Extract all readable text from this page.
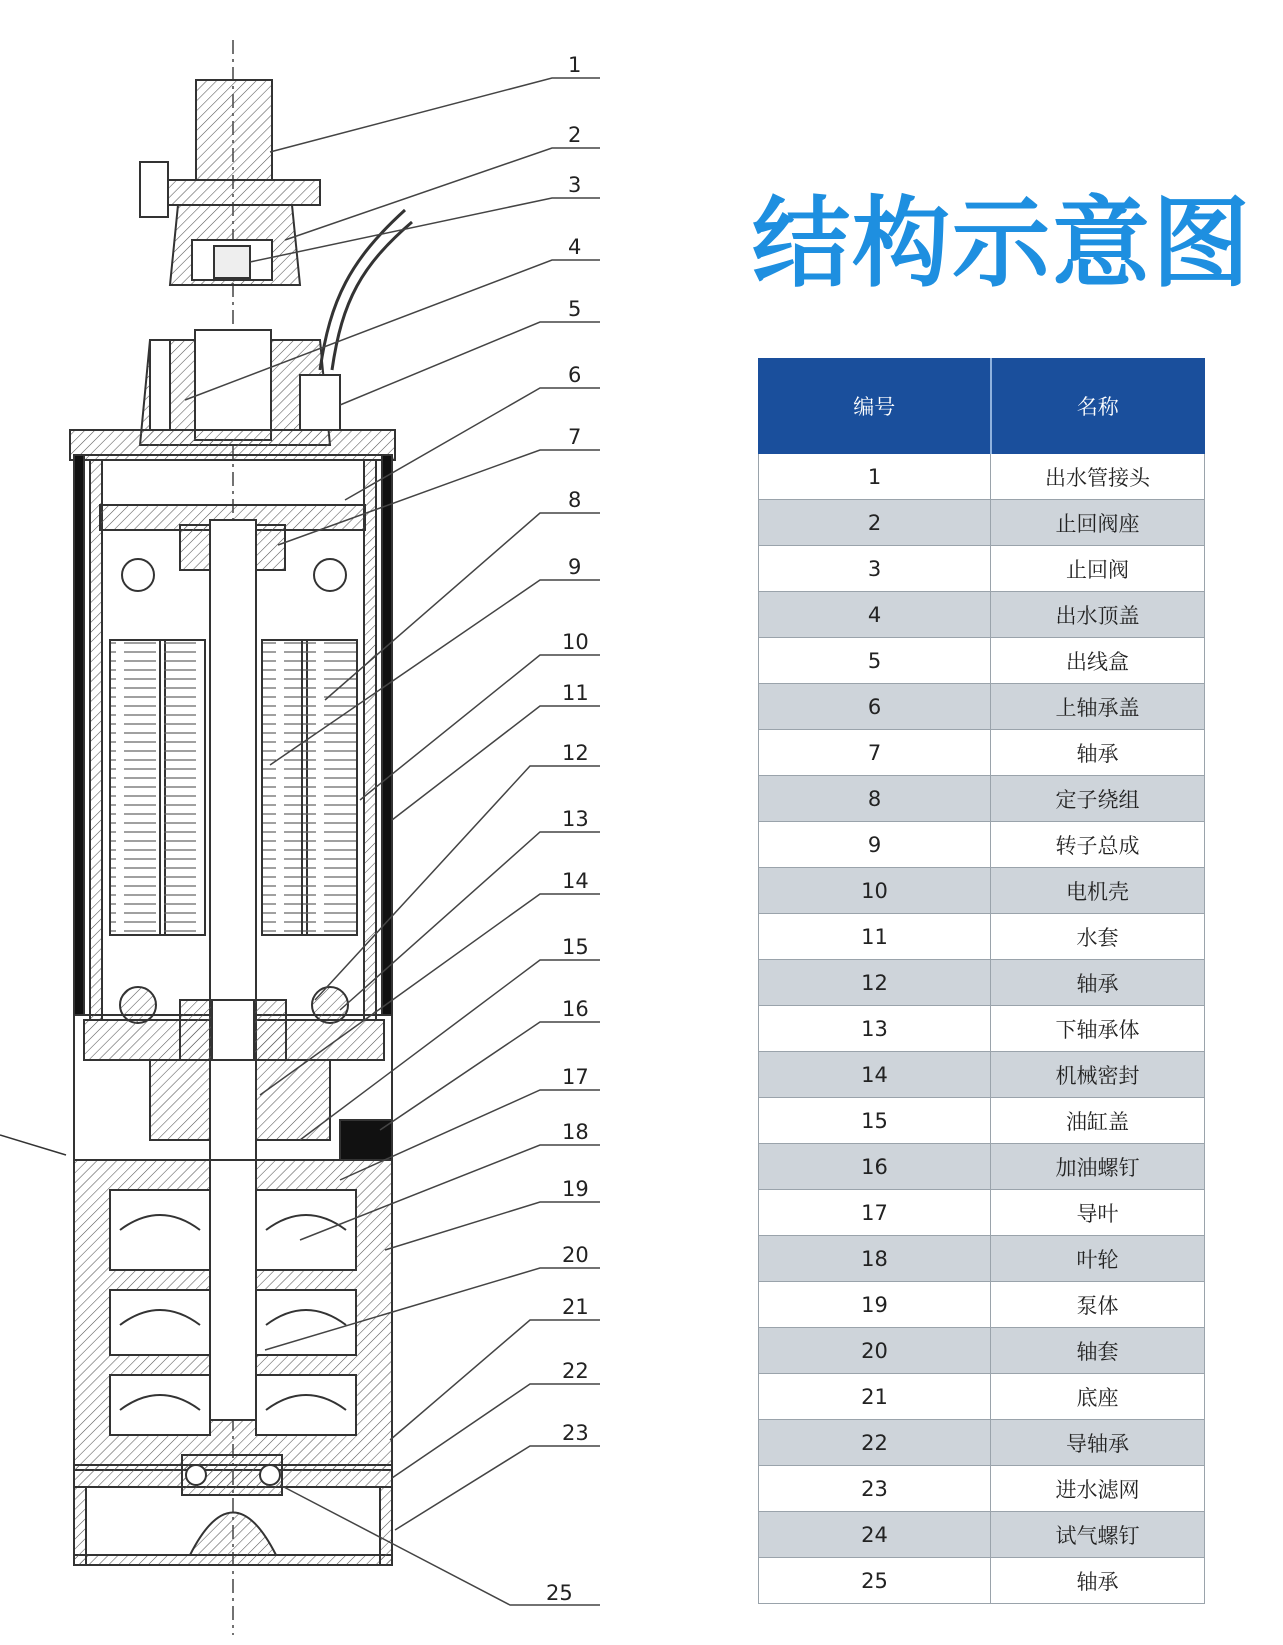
1
2
3
4
5
6
7
8
9
10
11
12
13
14
15
16
17
18
19
20
21
22
23
25
结构示意图
编号	名称
1	出水管接头
2	止回阀座
3	止回阀
4	出水顶盖
5	出线盒
6	上轴承盖
7	轴承
8	定子绕组
9	转子总成
10	电机壳
11	水套
12	轴承
13	下轴承体
14	机械密封
15	油缸盖
16	加油螺钉
17	导叶
18	叶轮
19	泵体
20	轴套
21	底座
22	导轴承
23	进水滤网
24	试气螺钉
25	轴承
